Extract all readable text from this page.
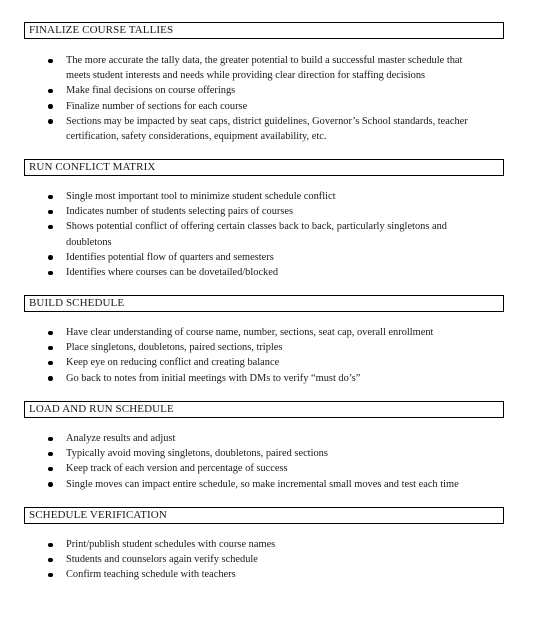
FINALIZE COURSE TALLIES
The more accurate the tally data, the greater potential to build a successful master schedule that meets student interests and needs while providing clear direction for staffing decisions
Make final decisions on course offerings
Finalize number of sections for each course
Sections may be impacted by seat caps, district guidelines, Governor’s School standards, teacher certification, safety considerations, equipment availability, etc.
RUN CONFLICT MATRIX
Single most important tool to minimize student schedule conflict
Indicates number of students selecting pairs of courses
Shows potential conflict of offering certain classes back to back, particularly singletons and doubletons
Identifies potential flow of quarters and semesters
Identifies where courses can be dovetailed/blocked
BUILD SCHEDULE
Have clear understanding of course name, number, sections, seat cap, overall enrollment
Place singletons, doubletons, paired sections, triples
Keep eye on reducing conflict and creating balance
Go back to notes from initial meetings with DMs to verify “must do’s”
LOAD AND RUN SCHEDULE
Analyze results and adjust
Typically avoid moving singletons, doubletons, paired sections
Keep track of each version and percentage of success
Single moves can impact entire schedule, so make incremental small moves and test each time
SCHEDULE VERIFICATION
Print/publish student schedules with course names
Students and counselors again verify schedule
Confirm teaching schedule with teachers
